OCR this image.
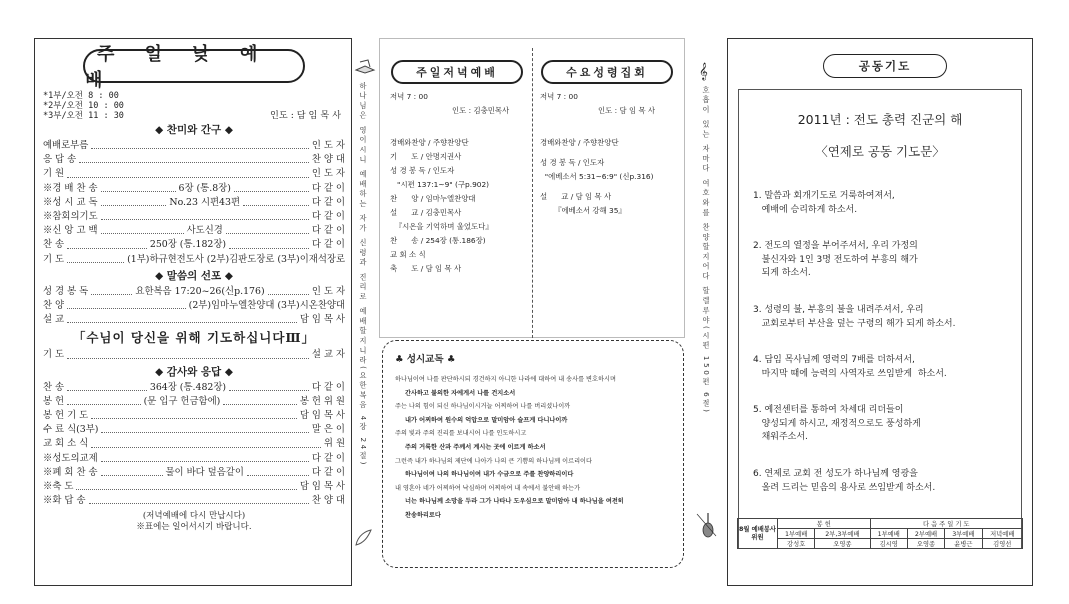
주 일 낮 예 배
*1부/오전 8 : 00
*2부/오전 10 : 00
*3부/오전 11 : 30	인도 : 담 임 목 사
◆ 찬미와 간구 ◆
예배로부름	인 도 자
응 답 송	찬 양 대
기 원	인 도 자
※경 배 찬 송	6장 (통.8장)	다 같 이
※성 시 교 독	No.23 시편43편	다 같 이
※참회의기도	다 같 이
※신 앙 고 백	사도신경	다 같 이
찬 송	250장 (통.182장)	다 같 이
기 도	(1부)하규현전도사 (2부)김판도장로 (3부)이재석장로
◆ 말씀의 선포 ◆
성 경 봉 독	요한복음 17:20~26(신p.176)	인 도 자
찬 양	(2부)임마누엘찬양대 (3부)시온찬양대
설 교	담 임 목 사
「수님이 당신을 위해 기도하십니다Ⅲ」
기 도	설 교 자
◆ 감사와 응답 ◆
찬 송	364장 (통.482장)	다 같 이
봉 헌	(문 입구 헌금함에)	봉 헌 위 원
봉 헌 기 도	담 임 목 사
수 료 식(3부)	말 은 이
교 회 소 식	위 원
※성도의교제	다 같 이
※폐 회 찬 송	물이 바다 덮음같이	다 같 이
※축 도	담 임 목 사
※화 답 송	찬 양 대
(저녁예배에 다시 만납시다)
※표에는 일어서시기 바랍니다.
하나님은 영이시니 예배하는 자가 신령과 진리로 예배할지니라(요한복음 4장 24절)
주일저녁예배
저녁 7 : 00
인도 : 김충민목사
경배와찬양 / 주향찬양단
기      도 / 안명지권사
성 경 봉 독 / 인도자
"시편 137:1~9" (구p.902)
찬      양 / 임마누엘찬양대
설      교 / 김충민목사
『시온을 기억하며 울었도다』
찬      송 / 254장 (통.186장)
교 회 소 식
축      도 / 담 임 목 사
수요성령집회
저녁 7 : 00
인도 : 담 임 목 사
경배와찬양 / 주향찬양단
성 경 봉 독 / 인도자
"에베소서 5:31~6:9" (신p.316)
설      교 / 담 임 목 사
『에베소서 강해 35』
♣ 성시교독 ♣
하나님이여 나를 판단하시되 경건하지 아니한 나라에 대하여 내 송사를 변호하시며
간사하고 불의한 자에게서 나를 건지소서
주는 나의 힘이 되신 하나님이시거늘 어찌하여 나를 버리셨나이까
내가 어찌하여 원수의 억압으로 말미암아 슬프게 다니나이까
주의 빛과 주의 진리를 보내시어 나를 인도하시고
주의 거룩한 산과 주께서 계시는 곳에 이르게 하소서
그런즉 내가 하나님의 제단에 나아가 나의 큰 기쁨의 하나님께 이르리이다
하나님이여 나의 하나님이여 내가 수금으로 주를 찬양하리이다
내 영혼아 네가 어찌하여 낙심하며 어찌하여 내 속에서 불안해 하는가
너는 하나님께 소망을 두라 그가 나타나 도우심으로 말미암아 내 하나님을 여전히
찬송하리로다
𝄞
호흡이 있는 자마다 여호와를 찬양할지어다 할렐루야(시편 150편 6절)
공동기도
2011년 : 전도 총력 진군의 해
〈연제로 공동 기도문〉
1. 말씀과 회개기도로 거룩하여져서,
예배에 승리하게 하소서.
2. 전도의 열정을 부어주셔서, 우리 가정의
불신자와 1인 3명 전도하여 부흥의 해가
되게 하소서.
3. 성령의 불, 부흥의 불을 내려주셔서, 우리
교회로부터 부산을 덮는 구령의 해가 되게 하소서.
4. 담임 목사님께 영력의 7배를 더하셔서,
마지막 때에 능력의 사역자로 쓰임받게  하소서.
5. 예전센터를 통하여 차세대 리더들이
양성되게 하시고, 재정적으로도 풍성하게
채워주소서.
6. 연제로 교회 전 성도가 하나님께 영광을
올려 드리는 믿음의 용사로 쓰임받게 하소서.
8월 예배봉사위원	봉 헌		다 음 주 일 기 도			
	1부예배	2부,3부예배	1부예배	2부예배	3부예배	저녁예배
	강성호	오영종	김시영	오영종	윤병근	김영선
